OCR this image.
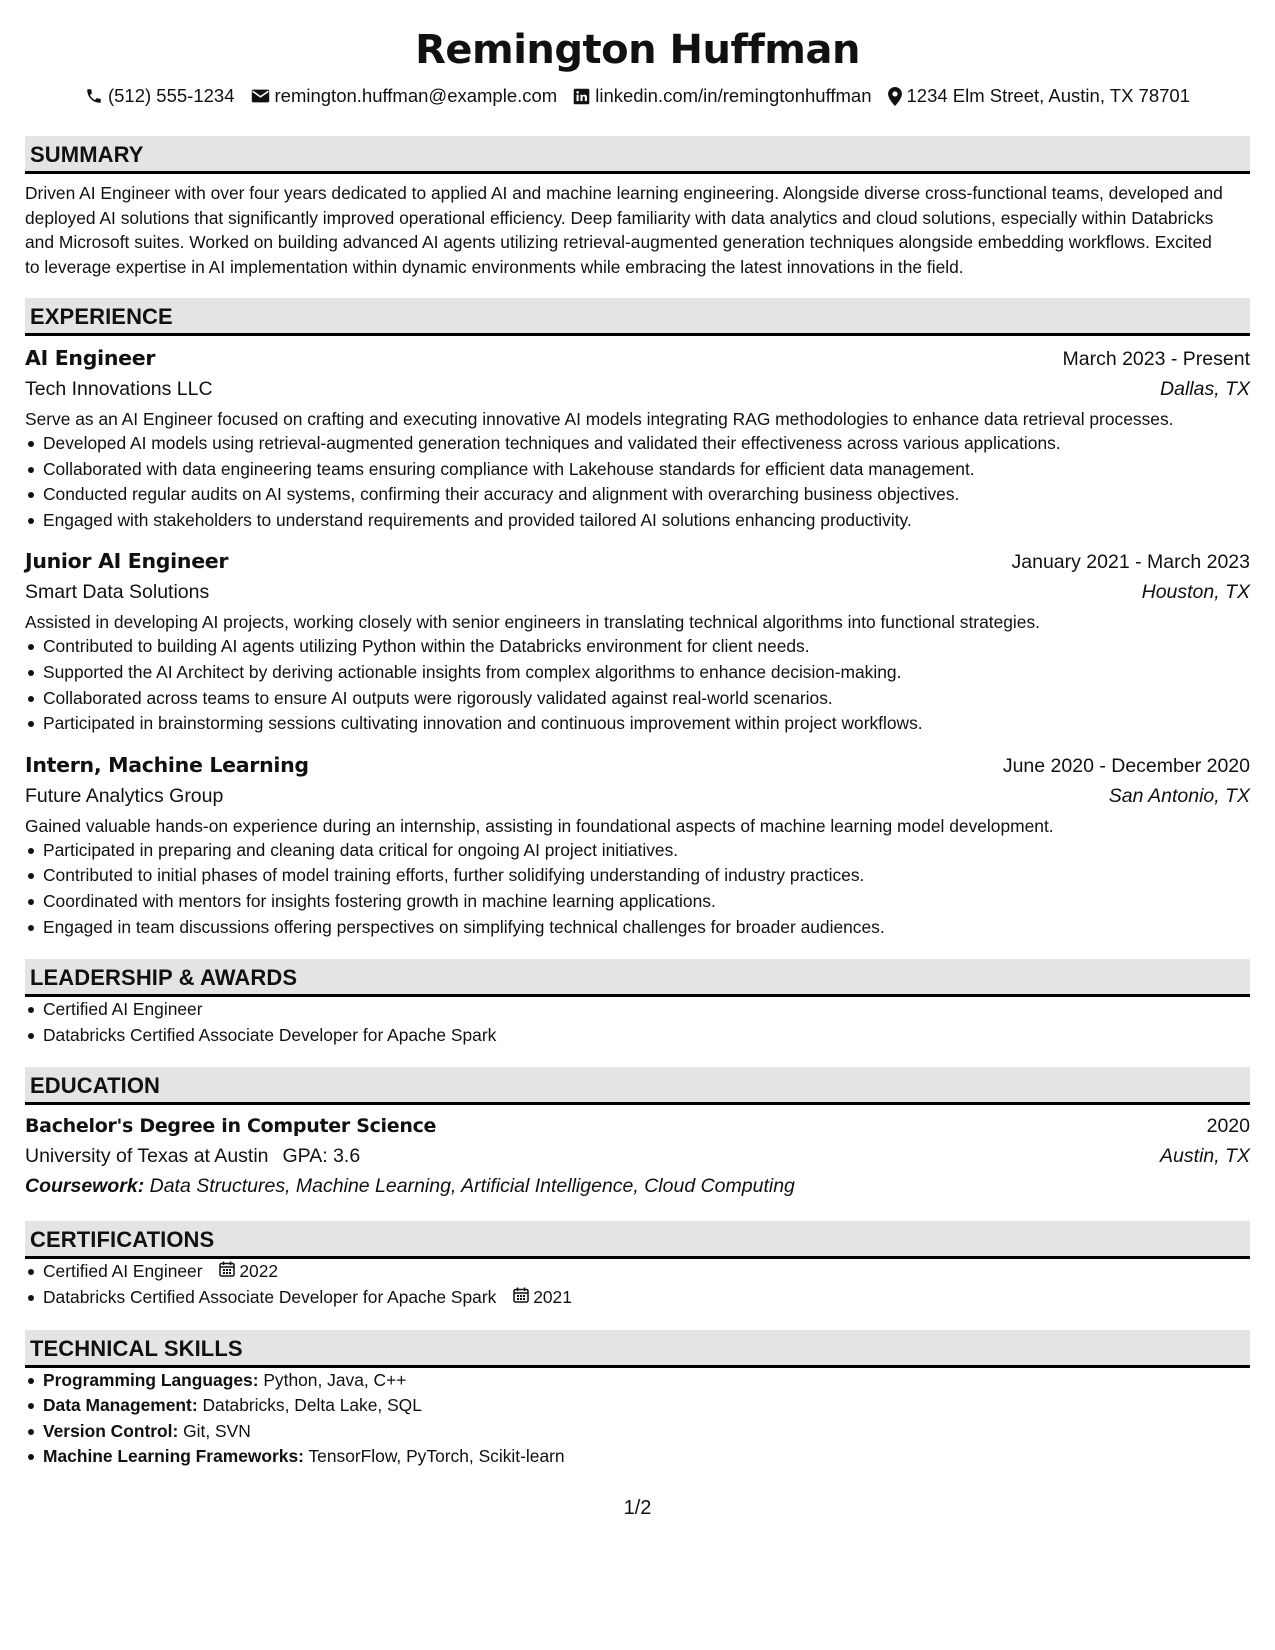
Remington Huffman
(512) 555-1234 remington.huffman@example.com linkedin.com/in/remingtonhuffman 1234 Elm Street, Austin, TX 78701
SUMMARY
Driven AI Engineer with over four years dedicated to applied AI and machine learning engineering. Alongside diverse cross-functional teams, developed and deployed AI solutions that significantly improved operational efficiency. Deep familiarity with data analytics and cloud solutions, especially within Databricks and Microsoft suites. Worked on building advanced AI agents utilizing retrieval-augmented generation techniques alongside embedding workflows. Excited to leverage expertise in AI implementation within dynamic environments while embracing the latest innovations in the field.
EXPERIENCE
AI Engineer	March 2023 - Present
Tech Innovations LLC	Dallas, TX
Serve as an AI Engineer focused on crafting and executing innovative AI models integrating RAG methodologies to enhance data retrieval processes.
Developed AI models using retrieval-augmented generation techniques and validated their effectiveness across various applications.
Collaborated with data engineering teams ensuring compliance with Lakehouse standards for efficient data management.
Conducted regular audits on AI systems, confirming their accuracy and alignment with overarching business objectives.
Engaged with stakeholders to understand requirements and provided tailored AI solutions enhancing productivity.
Junior AI Engineer	January 2021 - March 2023
Smart Data Solutions	Houston, TX
Assisted in developing AI projects, working closely with senior engineers in translating technical algorithms into functional strategies.
Contributed to building AI agents utilizing Python within the Databricks environment for client needs.
Supported the AI Architect by deriving actionable insights from complex algorithms to enhance decision-making.
Collaborated across teams to ensure AI outputs were rigorously validated against real-world scenarios.
Participated in brainstorming sessions cultivating innovation and continuous improvement within project workflows.
Intern, Machine Learning	June 2020 - December 2020
Future Analytics Group	San Antonio, TX
Gained valuable hands-on experience during an internship, assisting in foundational aspects of machine learning model development.
Participated in preparing and cleaning data critical for ongoing AI project initiatives.
Contributed to initial phases of model training efforts, further solidifying understanding of industry practices.
Coordinated with mentors for insights fostering growth in machine learning applications.
Engaged in team discussions offering perspectives on simplifying technical challenges for broader audiences.
LEADERSHIP & AWARDS
Certified AI Engineer
Databricks Certified Associate Developer for Apache Spark
EDUCATION
Bachelor's Degree in Computer Science	2020
University of Texas at Austin GPA: 3.6	Austin, TX
Coursework: Data Structures, Machine Learning, Artificial Intelligence, Cloud Computing
CERTIFICATIONS
Certified AI Engineer 2022
Databricks Certified Associate Developer for Apache Spark 2021
TECHNICAL SKILLS
Programming Languages: Python, Java, C++
Data Management: Databricks, Delta Lake, SQL
Version Control: Git, SVN
Machine Learning Frameworks: TensorFlow, PyTorch, Scikit-learn
1/2
